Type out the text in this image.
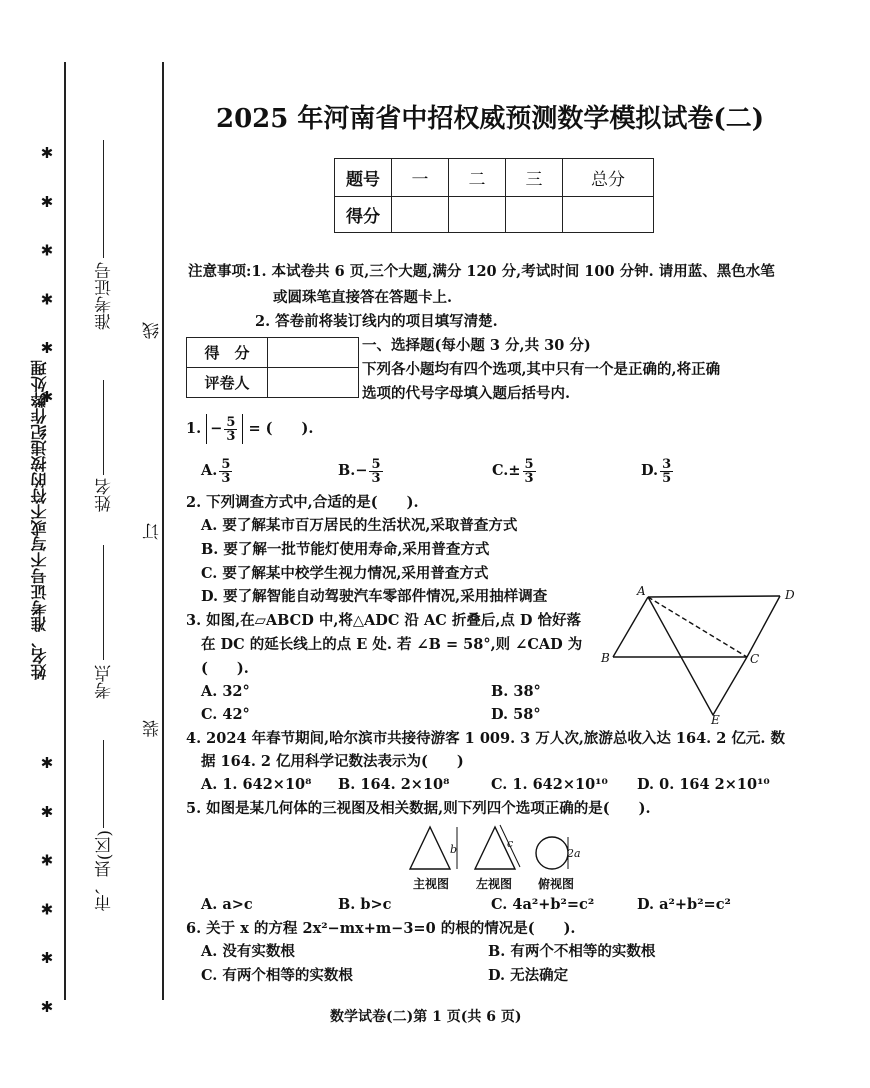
✱ ✱ ✱ ✱ ✱ ✱
✱ ✱ ✱ ✱ ✱ ✱
姓名、准考证号不写或不符的按违纪作弊处理
准考证号
姓名
考点
市、县(区)
线
订
装
2025 年河南省中招权威预测数学模拟试卷(二)
题号	一	二	三	总分
得分				
注意事项:1. 本试卷共 6 页,三个大题,满分 120 分,考试时间 100 分钟. 请用蓝、黑色水笔
或圆珠笔直接答在答题卡上.
2. 答卷前将装订线内的项目填写清楚.
得　分	
评卷人	
一、选择题(每小题 3 分,共 30 分)
下列各小题均有四个选项,其中只有一个是正确的,将正确
选项的代号字母填入题后括号内.
1. − $\frac{5}{3}$ = (　　).
A. $\frac{5}{3}$	$B.- \frac{5}{3}$	$C.\pm \frac{5}{3}$	D. $\frac{3}{5}$
2. 下列调查方式中,合适的是(　　).
A. 要了解某市百万居民的生活状况,采取普查方式
B. 要了解一批节能灯使用寿命,采用普查方式
C. 要了解某中校学生视力情况,采用普查方式
D. 要了解智能自动驾驶汽车零部件情况,采用抽样调查
3. 如图,在▱ABCD 中,将△ADC 沿 AC 折叠后,点 D 恰好落
在 DC 的延长线上的点 E 处. 若 ∠B = 58°,则 ∠CAD 为
(　　).
A. 32°	B. 38°
C. 42°	D. 58°
A	D
B	C
E
4. 2024 年春节期间,哈尔滨市共接待游客 1 009. 3 万人次,旅游总收入达 164. 2 亿元. 数
据 164. 2 亿用科学记数法表示为(　　)
A. 1. 642×10⁸ B. 164. 2×10⁸	C. 1. 642×10¹⁰ D. 0. 164 2×10¹⁰
5. 如图是某几何体的三视图及相关数据,则下列四个选项正确的是(　　).
b	c
2a
主视图 左视图 俯视图
A. a>c	B. b>c	C. 4a²+b²=c²	D. a²+b²=c²
6. 关于 x 的方程 2x²−mx+m−3=0 的根的情况是(　　).
A. 没有实数根	B. 有两个不相等的实数根
C. 有两个相等的实数根	D. 无法确定
数学试卷(二)第 1 页(共 6 页)
